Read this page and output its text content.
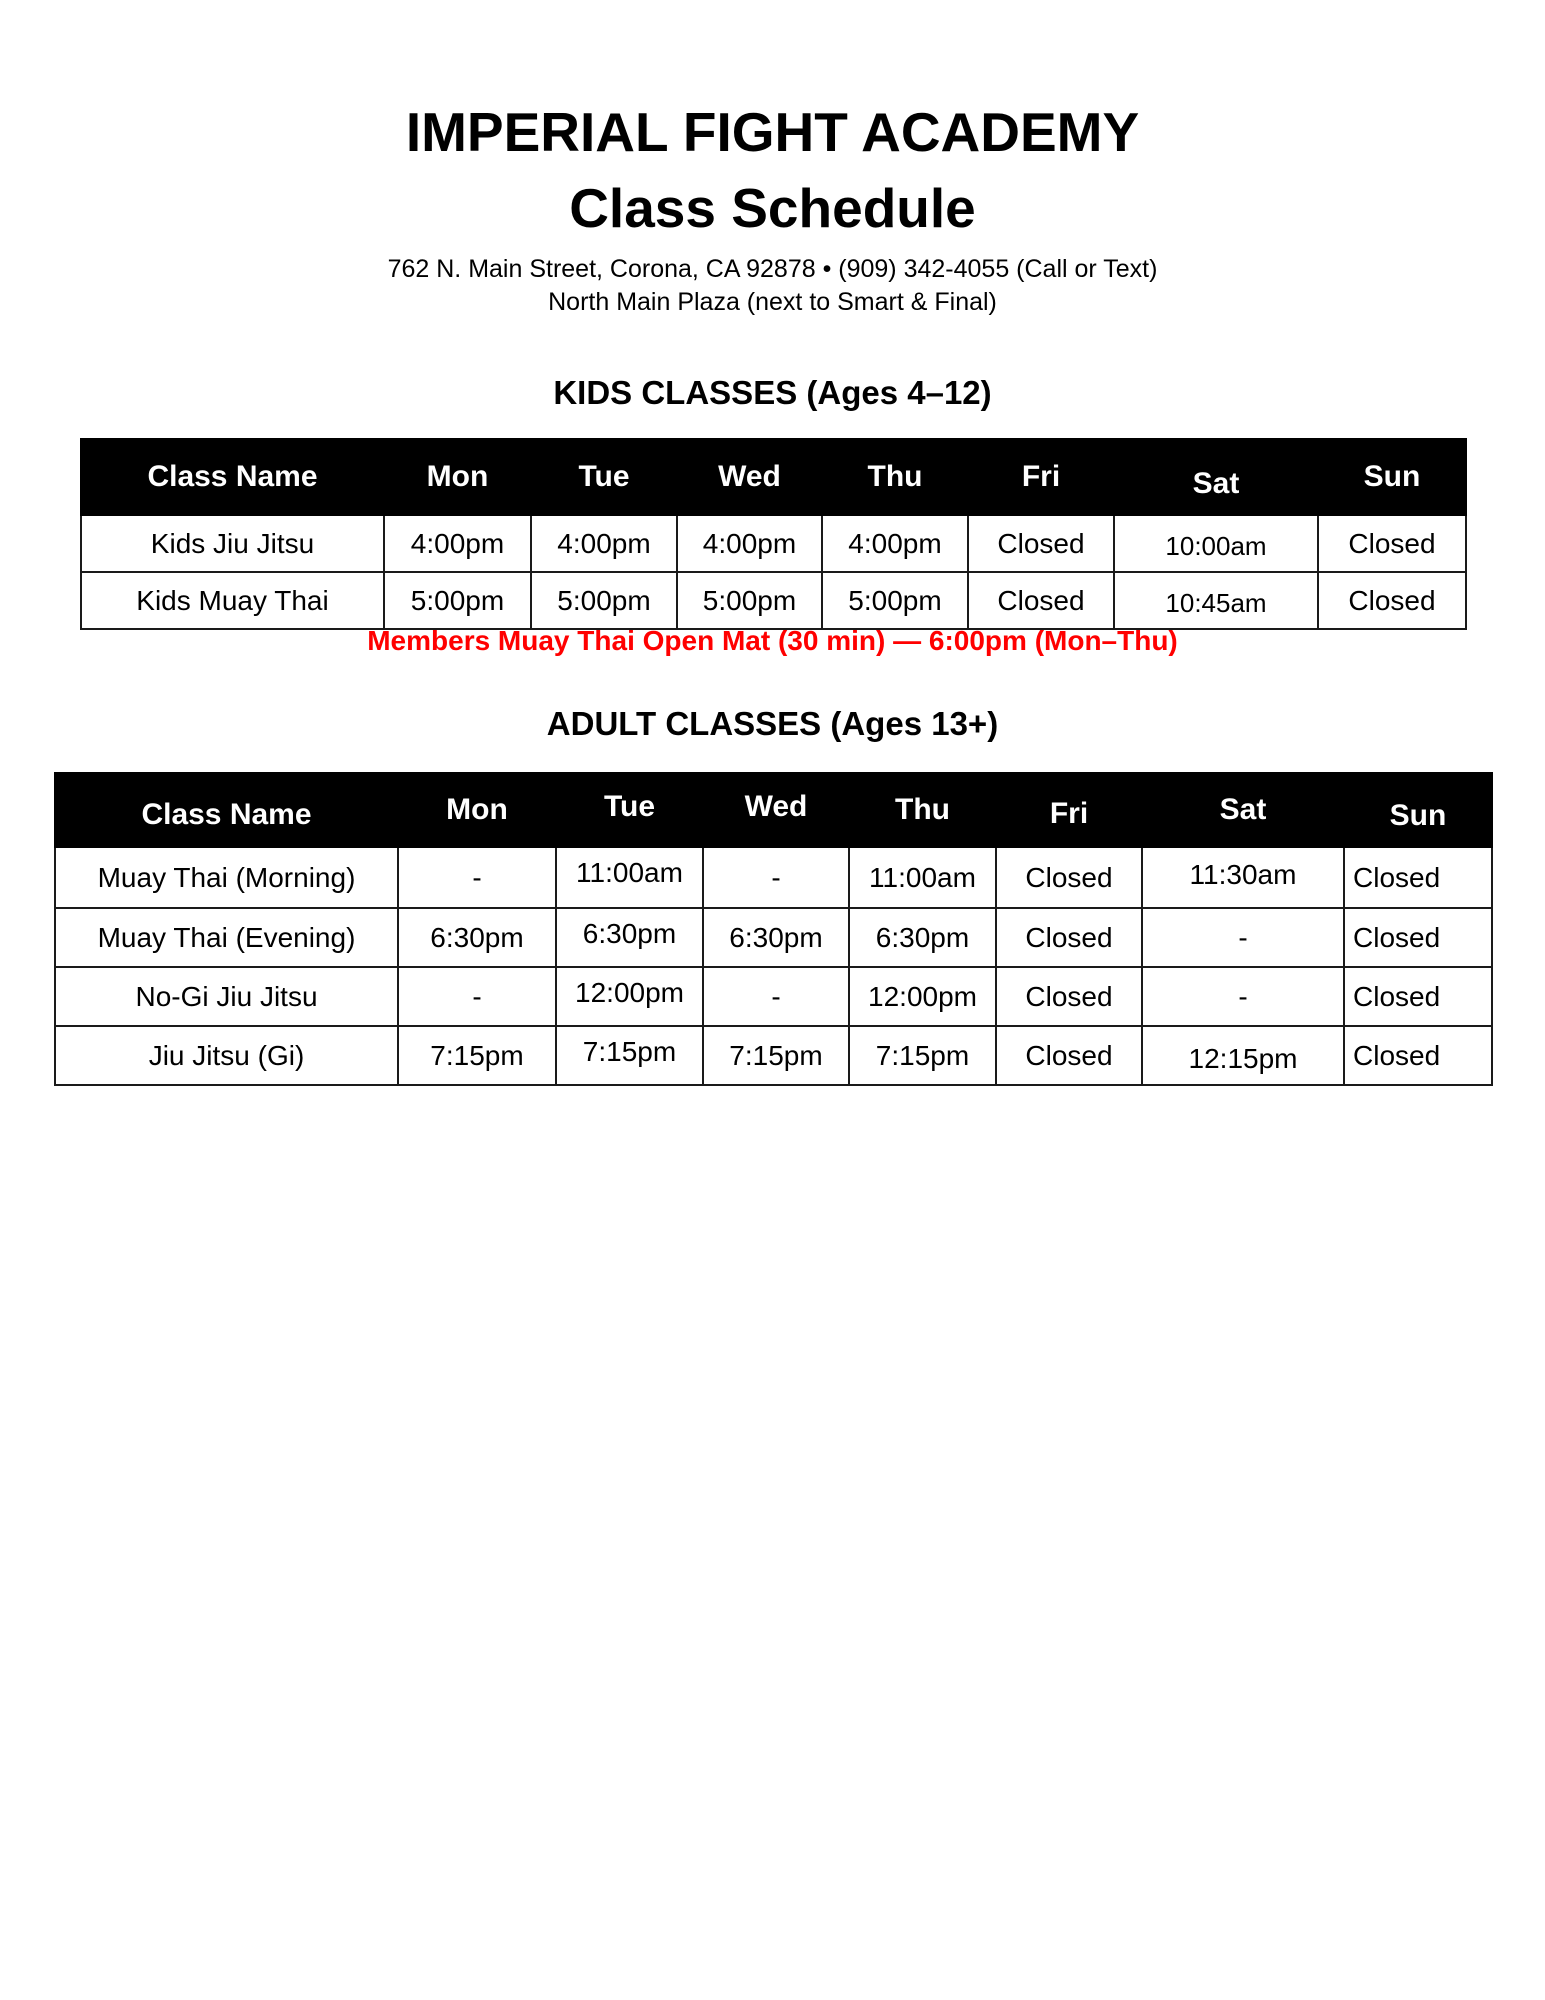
IMPERIAL FIGHT ACADEMY
Class Schedule
762 N. Main Street, Corona, CA 92878 • (909) 342-4055 (Call or Text)
North Main Plaza (next to Smart & Final)
KIDS CLASSES (Ages 4–12)
Class Name	Mon	Tue	Wed	Thu	Fri	Sat	Sun
Kids Jiu Jitsu	4:00pm	4:00pm	4:00pm	4:00pm	Closed	10:00am	Closed
Kids Muay Thai	5:00pm	5:00pm	5:00pm	5:00pm	Closed	10:45am	Closed
Members Muay Thai Open Mat (30 min) — 6:00pm (Mon–Thu)
ADULT CLASSES (Ages 13+)
Class Name	Mon	Tue	Wed	Thu	Fri	Sat	Sun
Muay Thai (Morning)	-	11:00am	-	11:00am	Closed	11:30am	Closed
Muay Thai (Evening)	6:30pm	6:30pm	6:30pm	6:30pm	Closed	-	Closed
No-Gi Jiu Jitsu	-	12:00pm	-	12:00pm	Closed	-	Closed
Jiu Jitsu (Gi)	7:15pm	7:15pm	7:15pm	7:15pm	Closed	12:15pm	Closed
